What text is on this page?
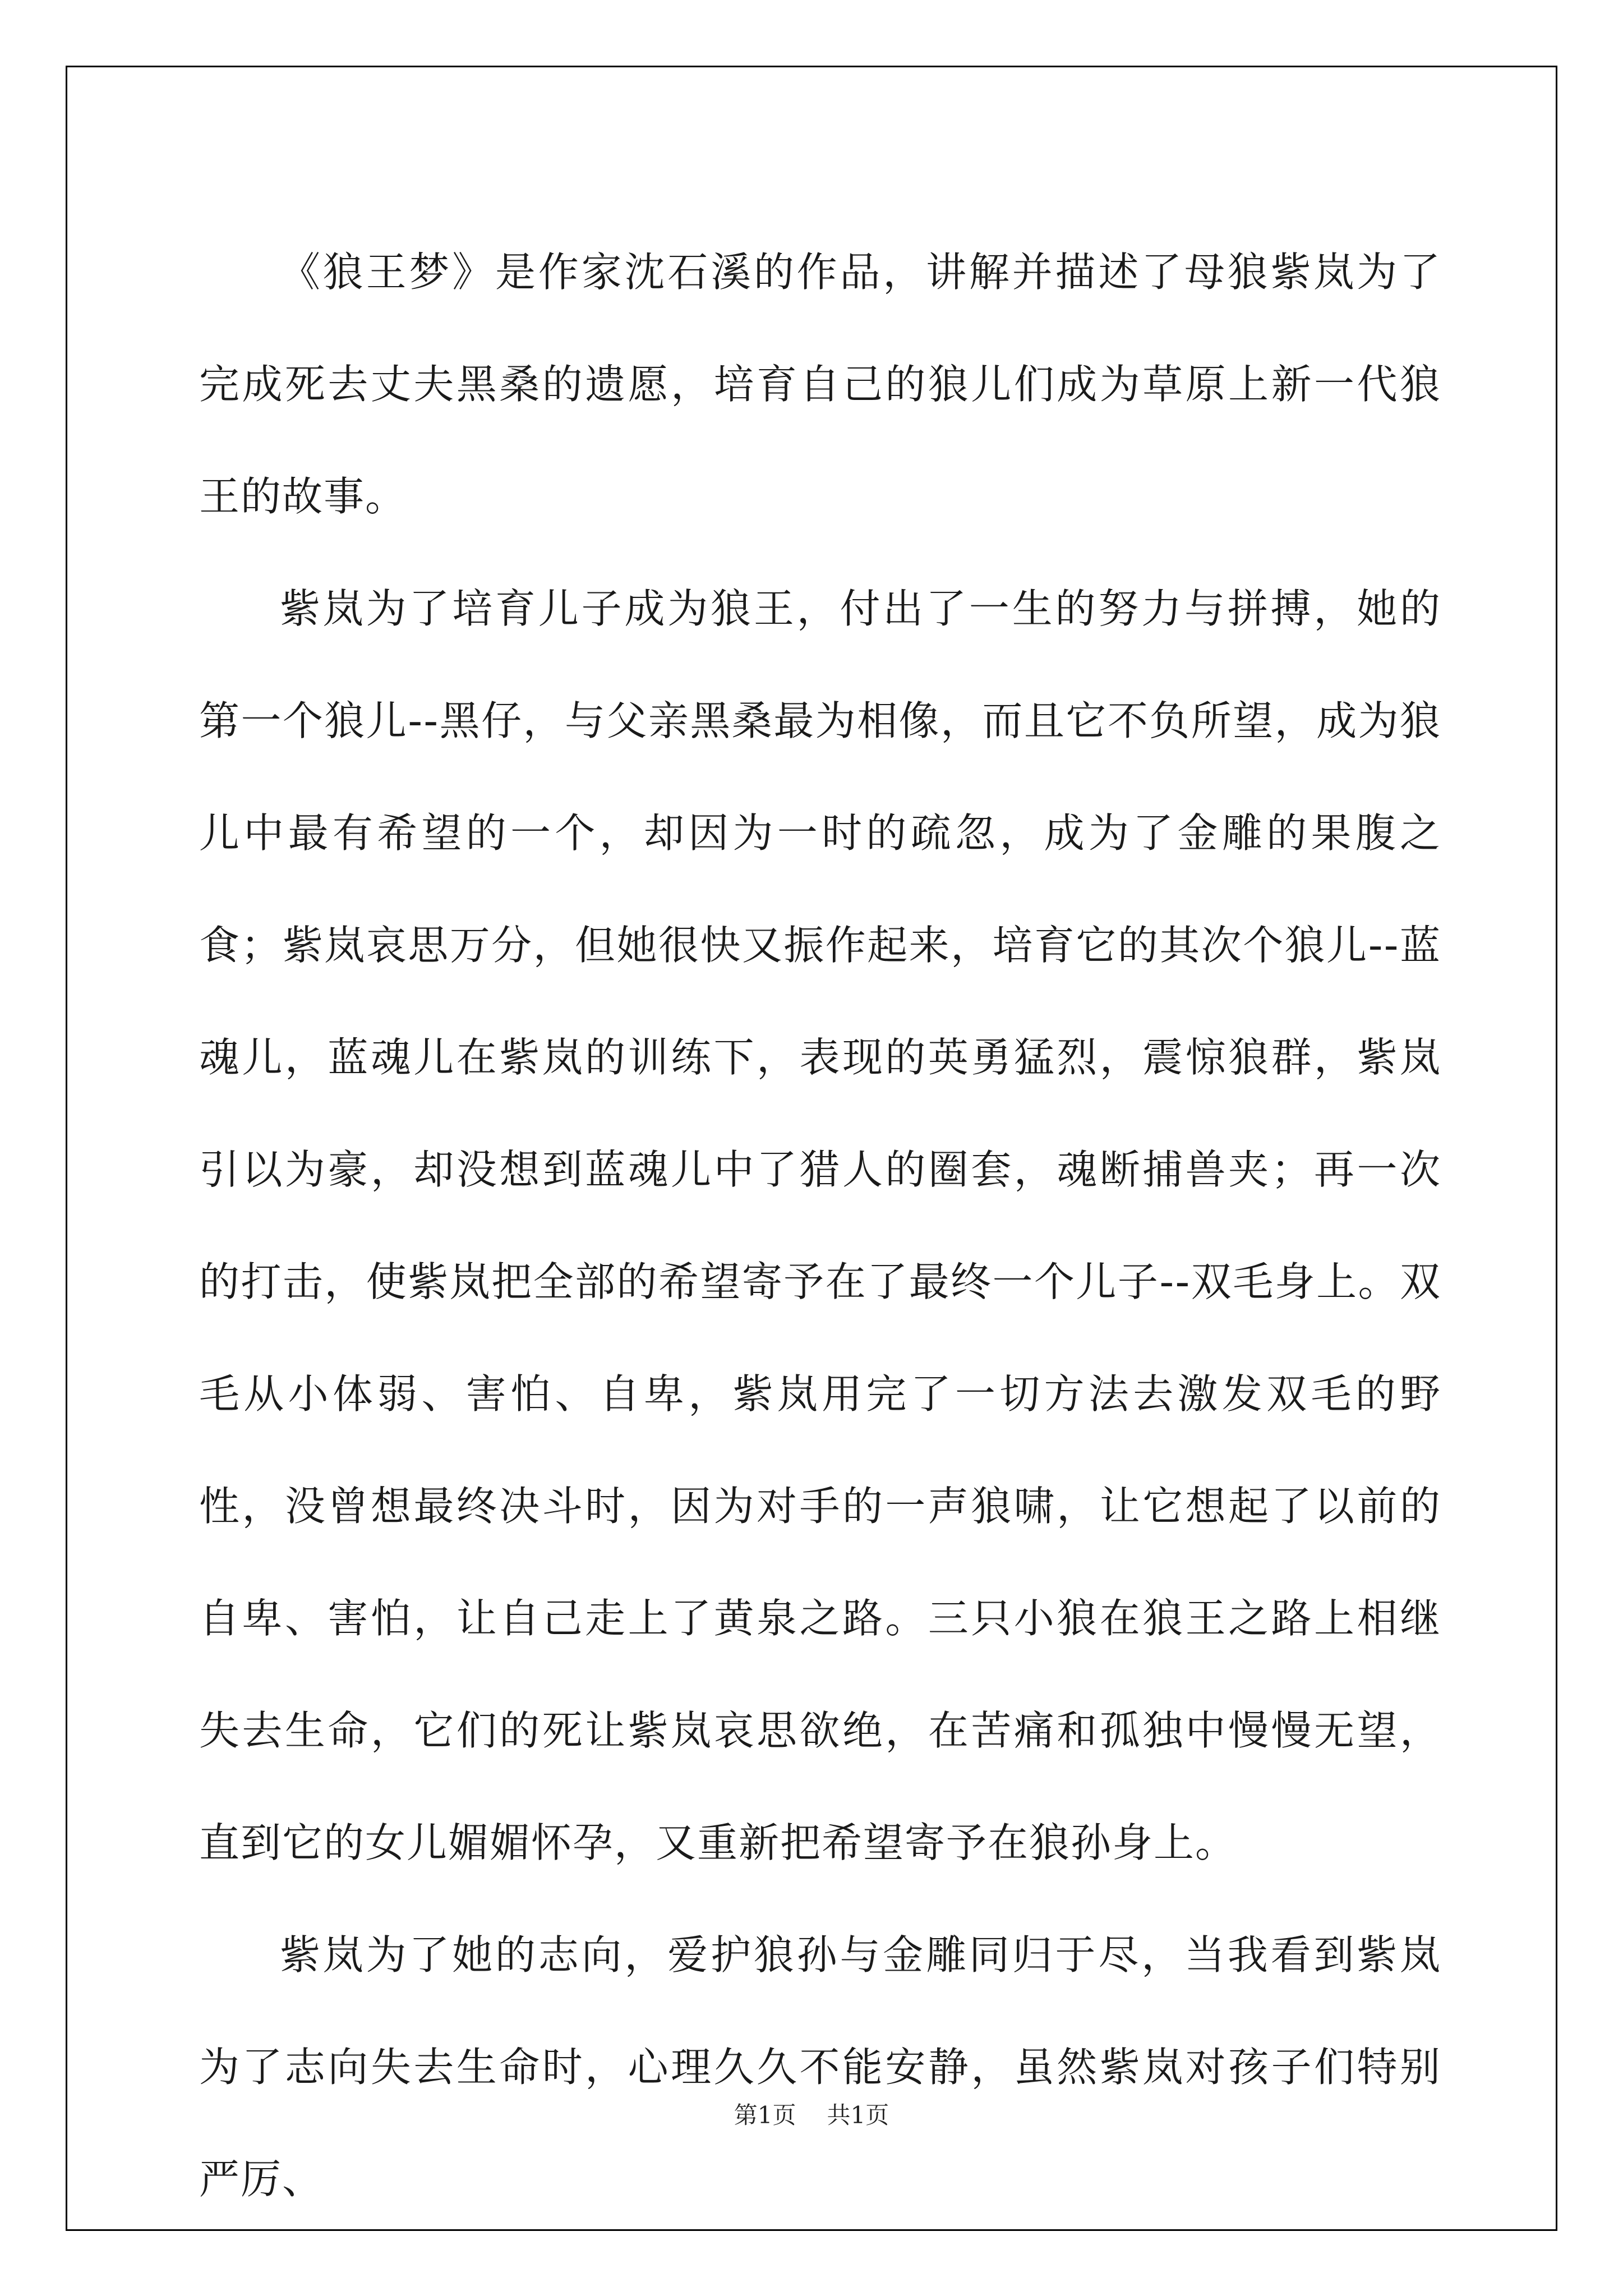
《狼王梦》是作家沈石溪的作品，讲解并描述了母狼紫岚为了完成死去丈夫黑桑的遗愿，培育自己的狼儿们成为草原上新一代狼王的故事。

紫岚为了培育儿子成为狼王，付出了一生的努力与拼搏，她的第一个狼儿--黑仔，与父亲黑桑最为相像，而且它不负所望，成为狼儿中最有希望的一个，却因为一时的疏忽，成为了金雕的果腹之食；紫岚哀思万分，但她很快又振作起来，培育它的其次个狼儿--蓝魂儿，蓝魂儿在紫岚的训练下，表现的英勇猛烈，震惊狼群，紫岚引以为豪，却没想到蓝魂儿中了猎人的圈套，魂断捕兽夹；再一次的打击，使紫岚把全部的希望寄予在了最终一个儿子--双毛身上。双毛从小体弱、害怕、自卑，紫岚用完了一切方法去激发双毛的野性，没曾想最终决斗时，因为对手的一声狼啸，让它想起了以前的自卑、害怕，让自己走上了黄泉之路。三只小狼在狼王之路上相继失去生命，它们的死让紫岚哀思欲绝，在苦痛和孤独中慢慢无望，直到它的女儿媚媚怀孕，又重新把希望寄予在狼孙身上。

紫岚为了她的志向，爱护狼孙与金雕同归于尽，当我看到紫岚为了志向失去生命时，心理久久不能安静，虽然紫岚对孩子们特别严厉、

第1页 共1页
